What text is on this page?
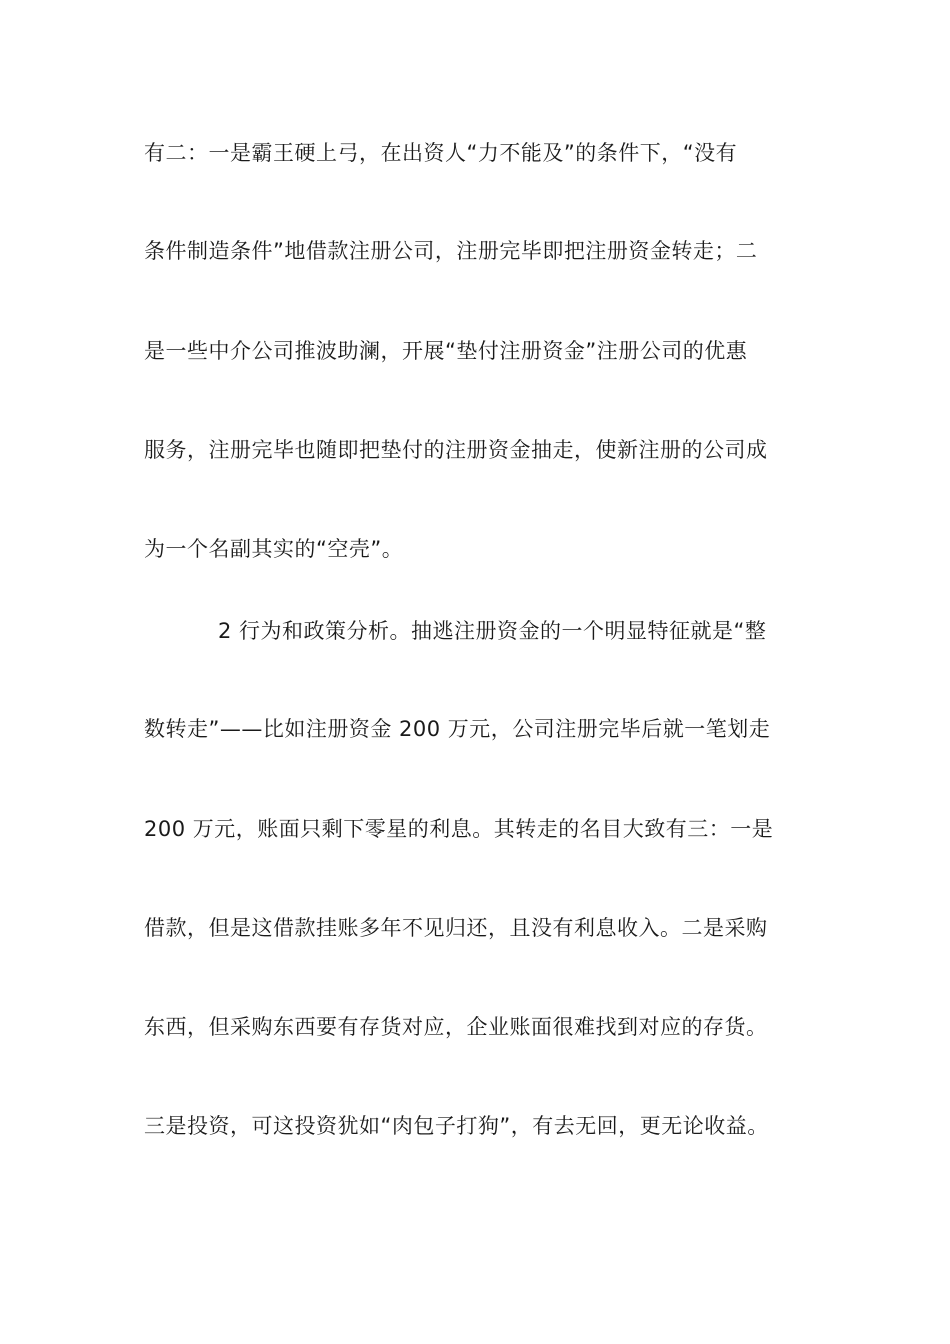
有二：一是霸王硬上弓，在出资人“力不能及”的条件下，“没有

条件制造条件”地借款注册公司，注册完毕即把注册资金转走；二

是一些中介公司推波助澜，开展“垫付注册资金”注册公司的优惠

服务，注册完毕也随即把垫付的注册资金抽走，使新注册的公司成

为一个名副其实的“空壳”。

2 行为和政策分析。抽逃注册资金的一个明显特征就是“整

数转走”——比如注册资金 200 万元，公司注册完毕后就一笔划走

200 万元，账面只剩下零星的利息。其转走的名目大致有三：一是

借款，但是这借款挂账多年不见归还，且没有利息收入。二是采购

东西，但采购东西要有存货对应，企业账面很难找到对应的存货。

三是投资，可这投资犹如“肉包子打狗”，有去无回，更无论收益。
